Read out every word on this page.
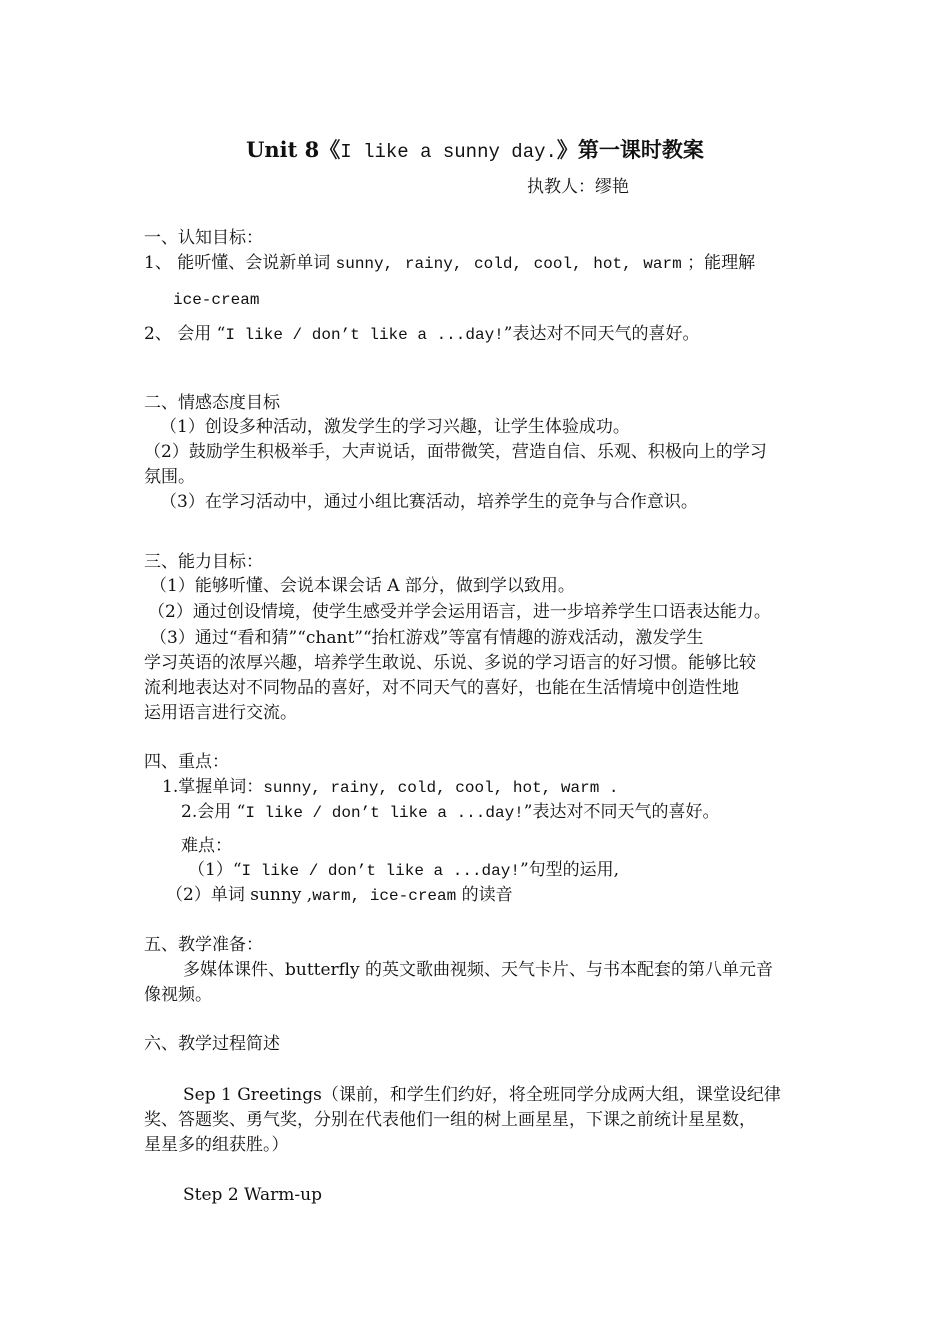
Unit 8《I like a sunny day.》第一课时教案
执教人：缪艳
一、认知目标：
1、 能听懂、会说新单词 sunny, rainy, cold, cool, hot, warm ；能理解
ice-cream
2、 会用 “I like / don’t like a ...day!”表达对不同天气的喜好。
二、情感态度目标
（1）创设多种活动，激发学生的学习兴趣，让学生体验成功。
（2）鼓励学生积极举手，大声说话，面带微笑，营造自信、乐观、积极向上的学习
氛围。
（3）在学习活动中，通过小组比赛活动，培养学生的竞争与合作意识。
三、能力目标：
（1）能够听懂、会说本课会话 A 部分，做到学以致用。
（2）通过创设情境，使学生感受并学会运用语言，进一步培养学生口语表达能力。
（3）通过“看和猜”“chant”“抬杠游戏”等富有情趣的游戏活动，激发学生
学习英语的浓厚兴趣，培养学生敢说、乐说、多说的学习语言的好习惯。能够比较
流利地表达对不同物品的喜好，对不同天气的喜好，也能在生活情境中创造性地
运用语言进行交流。
四、重点：
1.掌握单词：sunny, rainy, cold, cool, hot, warm .
2.会用 “I like / don’t like a ...day!”表达对不同天气的喜好。
难点：
（1）“I like / don’t like a ...day!”句型的运用,
（2）单词 sunny ,warm, ice-cream 的读音
五、教学准备：
多媒体课件、butterfly 的英文歌曲视频、天气卡片、与书本配套的第八单元音
像视频。
六、教学过程简述
Sep 1 Greetings（课前，和学生们约好，将全班同学分成两大组，课堂设纪律
奖、答题奖、勇气奖，分别在代表他们一组的树上画星星，下课之前统计星星数，
星星多的组获胜。）
Step 2 Warm-up
